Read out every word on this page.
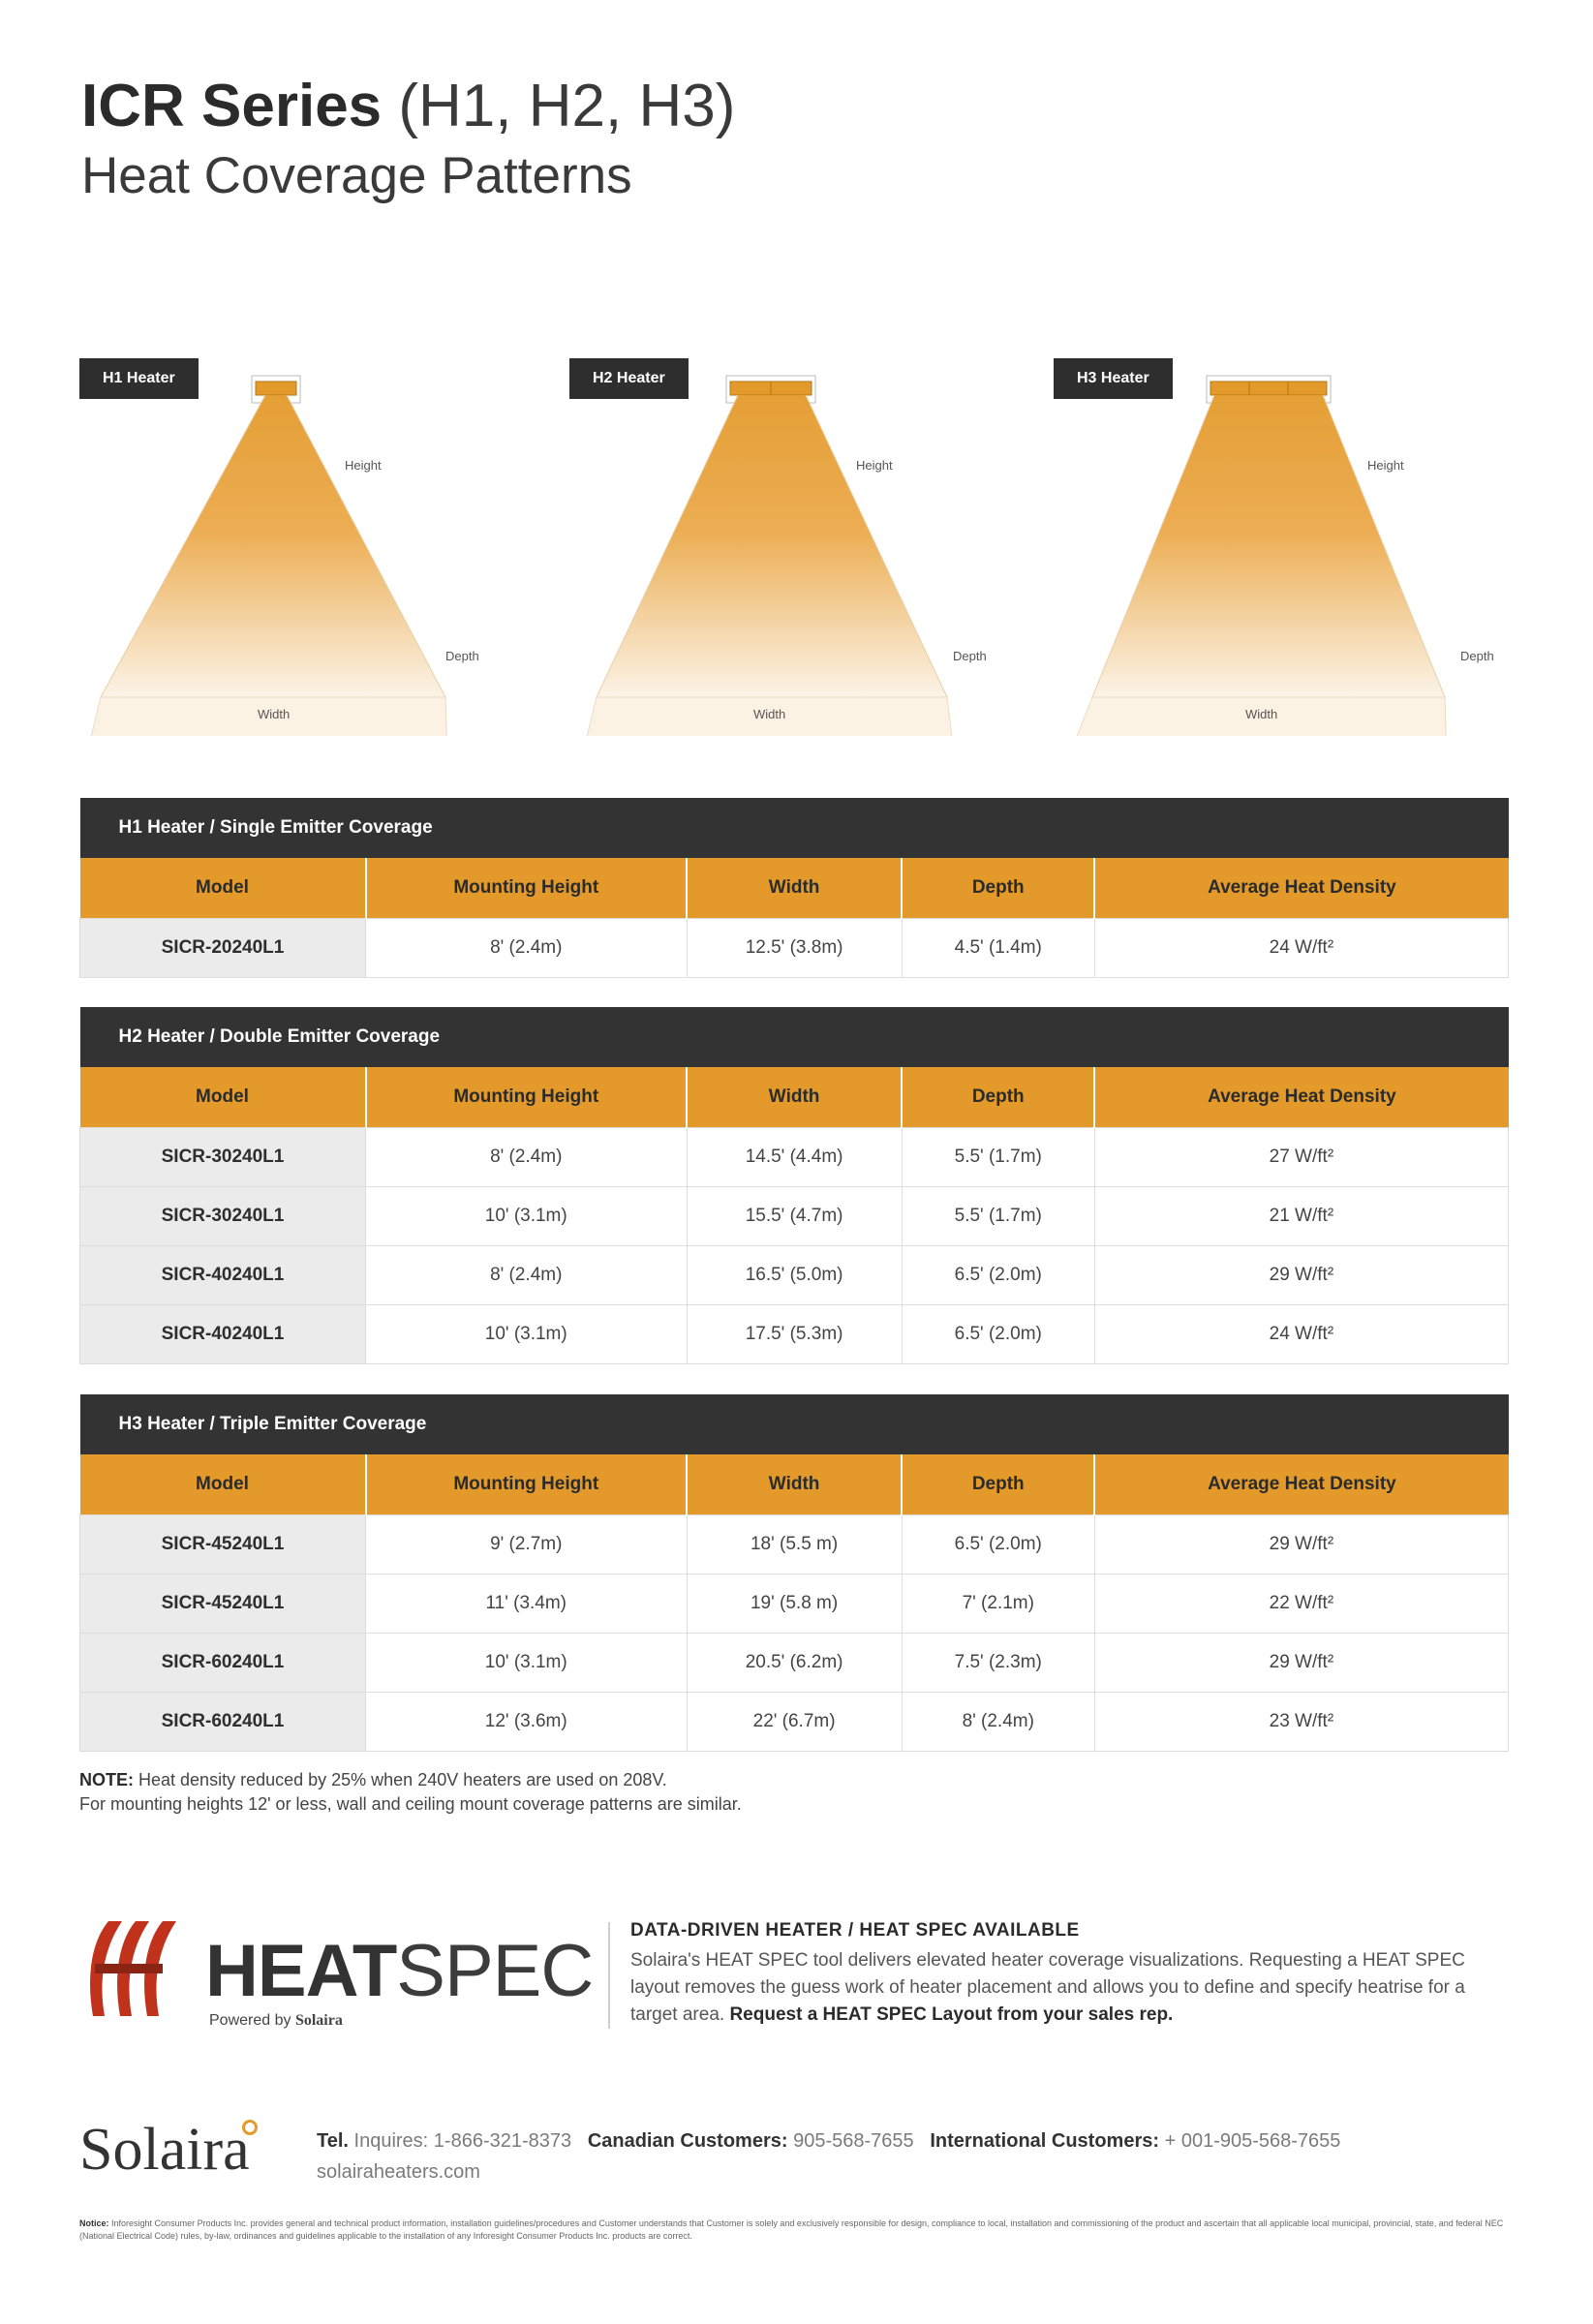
ICR Series (H1, H2, H3)
Heat Coverage Patterns
H1 Heater
Height
Depth
Width
H2 Heater
Height
Depth
Width
H3 Heater
Height
Depth
Width
H1 Heater / Single Emitter Coverage				
Model	Mounting Height	Width	Depth	Average Heat Density
SICR-20240L1	8' (2.4m)	12.5' (3.8m)	4.5' (1.4m)	24 W/ft²
H2 Heater / Double Emitter Coverage				
Model	Mounting Height	Width	Depth	Average Heat Density
SICR-30240L1	8' (2.4m)	14.5' (4.4m)	5.5' (1.7m)	27 W/ft²
SICR-30240L1	10' (3.1m)	15.5' (4.7m)	5.5' (1.7m)	21 W/ft²
SICR-40240L1	8' (2.4m)	16.5' (5.0m)	6.5' (2.0m)	29 W/ft²
SICR-40240L1	10' (3.1m)	17.5' (5.3m)	6.5' (2.0m)	24 W/ft²
H3 Heater / Triple Emitter Coverage				
Model	Mounting Height	Width	Depth	Average Heat Density
SICR-45240L1	9' (2.7m)	18' (5.5 m)	6.5' (2.0m)	29 W/ft²
SICR-45240L1	11' (3.4m)	19' (5.8 m)	7' (2.1m)	22 W/ft²
SICR-60240L1	10' (3.1m)	20.5' (6.2m)	7.5' (2.3m)	29 W/ft²
SICR-60240L1	12' (3.6m)	22' (6.7m)	8' (2.4m)	23 W/ft²
NOTE: Heat density reduced by 25% when 240V heaters are used on 208V.
For mounting heights 12' or less, wall and ceiling mount coverage patterns are similar.
HEATSPEC
Powered by Solaira
DATA-DRIVEN HEATER / HEAT SPEC AVAILABLE
Solaira's HEAT SPEC tool delivers elevated heater coverage visualizations. Requesting a HEAT SPEC layout removes the guess work of heater placement and allows you to define and specify heatrise for a target area. Request a HEAT SPEC Layout from your sales rep.
Solaira	Tel. Inquires: 1-866-321-8373 Canadian Customers: 905-568-7655 International Customers: + 001-905-568-7655
solairaheaters.com
Notice: Inforesight Consumer Products Inc. provides general and technical product information, installation guidelines/procedures and Customer understands that Customer is solely and exclusively responsible for design, compliance to local, installation and commissioning of the product and ascertain that all applicable local municipal, provincial, state, and federal NEC (National Electrical Code) rules, by-law, ordinances and guidelines applicable to the installation of any Inforesight Consumer Products Inc. products are correct.
